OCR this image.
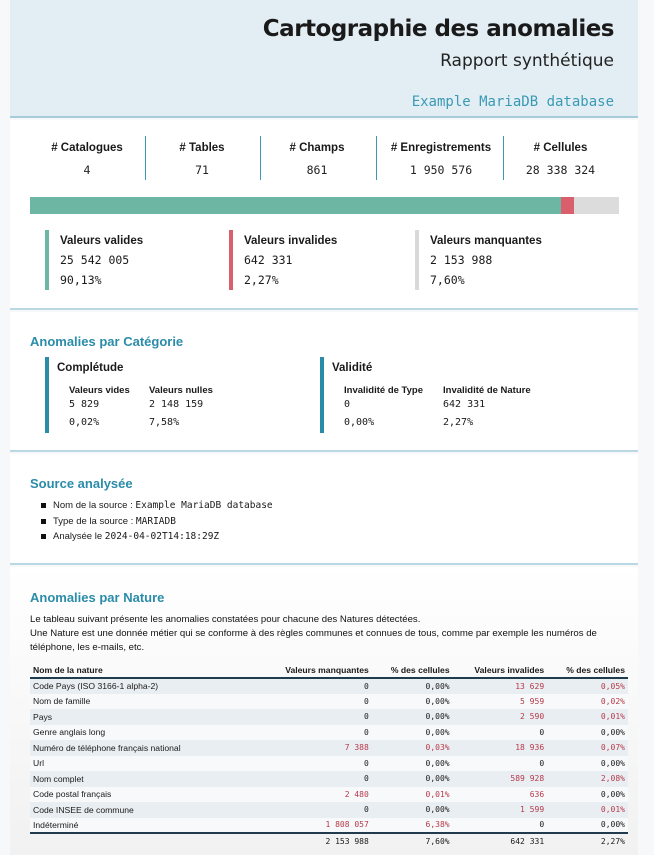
Cartographie des anomalies
Rapport synthétique
Example MariaDB database
# Catalogues
4
# Tables
71
# Champs
861
# Enregistrements
1 950 576
# Cellules
28 338 324
Valeurs valides
25 542 005
90,13%
Valeurs invalides
642 331
2,27%
Valeurs manquantes
2 153 988
7,60%
Anomalies par Catégorie
Complétude
Valeurs vides
5 829
0,02%
Valeurs nulles
2 148 159
7,58%
Validité
Invalidité de Type
0
0,00%
Invalidité de Nature
642 331
2,27%
Source analysée
Nom de la source : Example MariaDB database
Type de la source : MARIADB
Analysée le 2024-04-02T14:18:29Z
Anomalies par Nature
Le tableau suivant présente les anomalies constatées pour chacune des Natures détectées.
Une Nature est une donnée métier qui se conforme à des règles communes et connues de tous, comme par exemple les numéros de téléphone, les e-mails, etc.
Nom de la nature	Valeurs manquantes	% des cellules	Valeurs invalides	% des cellules
Code Pays (ISO 3166-1 alpha-2)	0	0,00%	13 629	0,05%
Nom de famille	0	0,00%	5 959	0,02%
Pays	0	0,00%	2 590	0,01%
Genre anglais long	0	0,00%	0	0,00%
Numéro de téléphone français national	7 388	0,03%	18 936	0,07%
Url	0	0,00%	0	0,00%
Nom complet	0	0,00%	589 928	2,08%
Code postal français	2 480	0,01%	636	0,00%
Code INSEE de commune	0	0,00%	1 599	0,01%
Indéterminé	1 808 057	6,38%	0	0,00%
	2 153 988	7,60%	642 331	2,27%
